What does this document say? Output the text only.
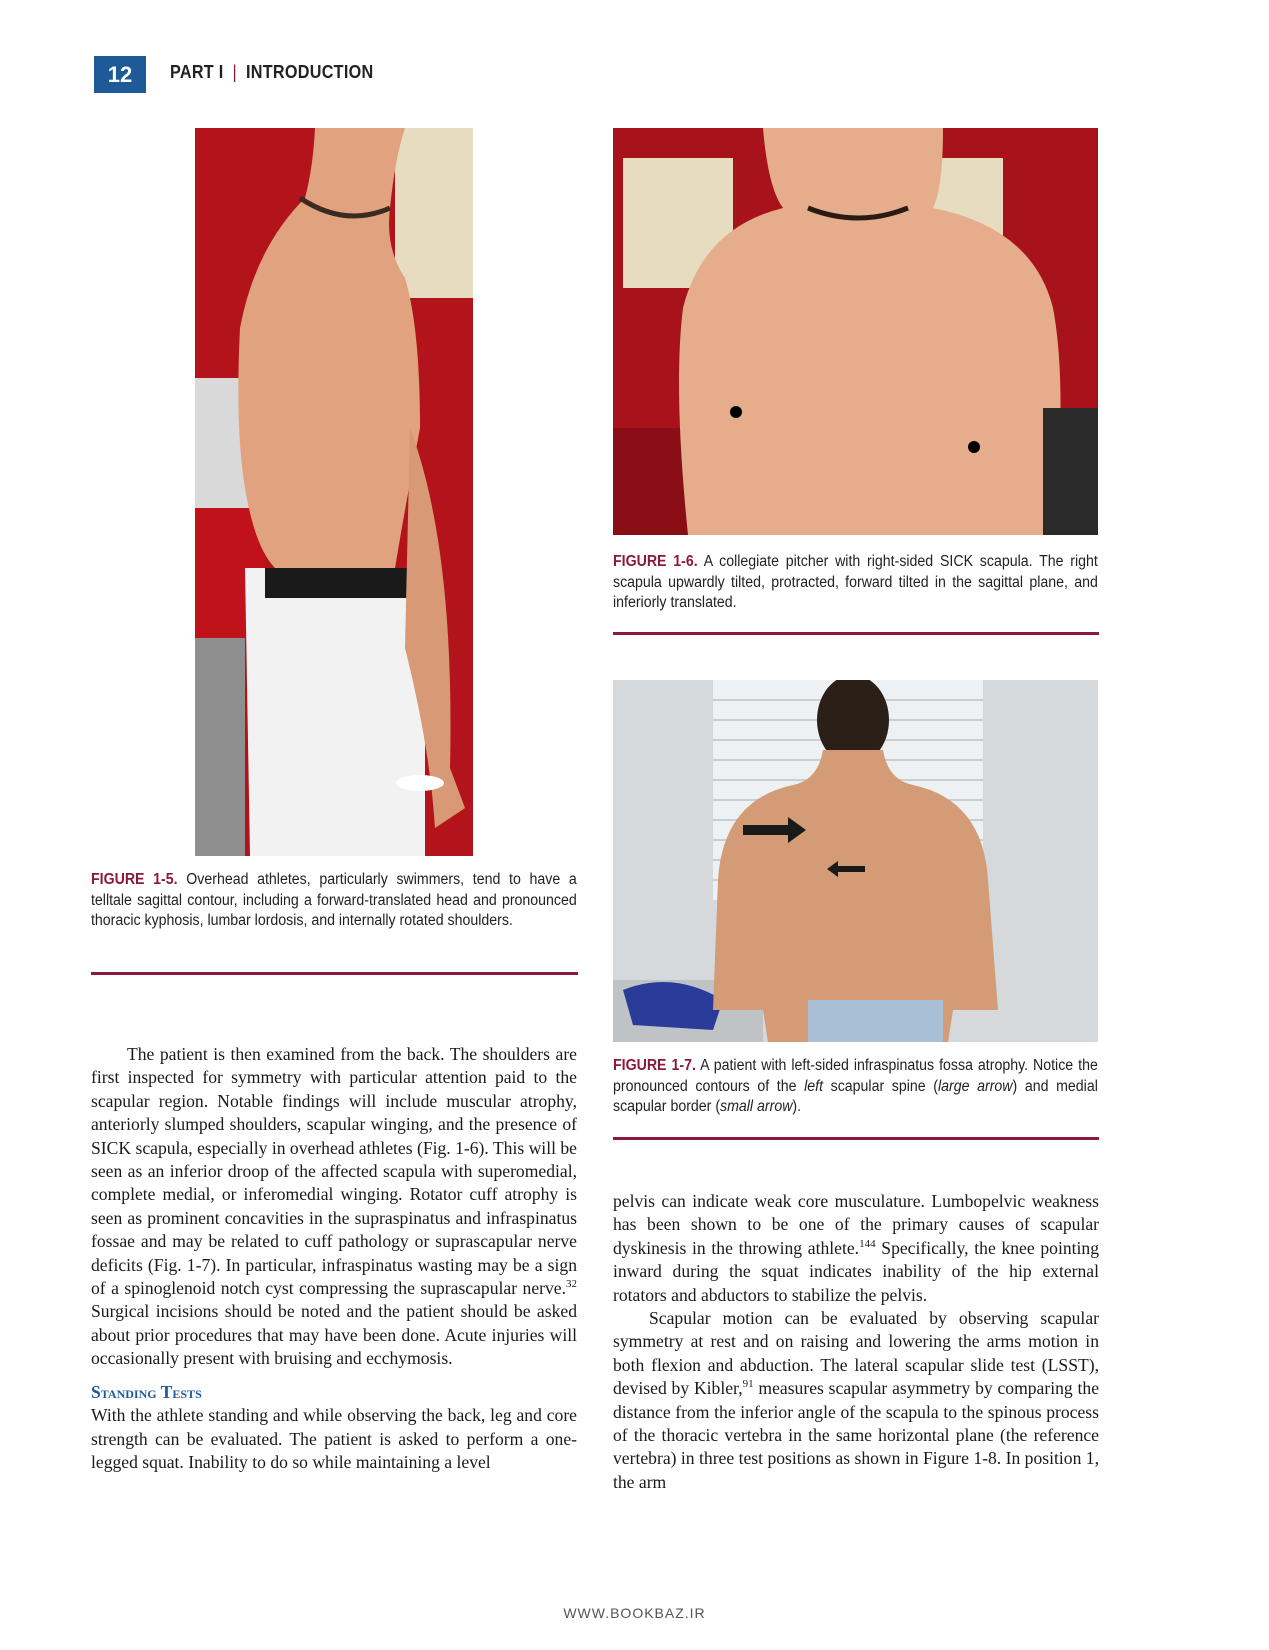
12	PART I | INTRODUCTION
FIGURE 1-5. Overhead athletes, particularly swimmers, tend to have a telltale sagittal contour, including a forward-translated head and pronounced thoracic kyphosis, lumbar lordosis, and internally rotated shoulders.
FIGURE 1-6. A collegiate pitcher with right-sided SICK scapula. The right scapula upwardly tilted, protracted, forward tilted in the sagittal plane, and inferiorly translated.
FIGURE 1-7. A patient with left-sided infraspinatus fossa atrophy. Notice the pronounced contours of the left scapular spine (large arrow) and medial scapular border (small arrow).

The patient is then examined from the back. The shoulders are first inspected for symmetry with particular attention paid to the scapular region. Notable findings will include muscular atrophy, anteriorly slumped shoulders, scapular winging, and the presence of SICK scapula, especially in overhead athletes (Fig. 1-6). This will be seen as an inferior droop of the affected scapula with superomedial, complete medial, or inferomedial winging. Rotator cuff atrophy is seen as prominent concavities in the supraspinatus and infraspinatus fossae and may be related to cuff pathology or suprascapular nerve deficits (Fig. 1-7). In particular, infraspinatus wasting may be a sign of a spinoglenoid notch cyst compressing the suprascapular nerve.$^{32}$ Surgical incisions should be noted and the patient should be asked about prior procedures that may have been done. Acute injuries will occasionally present with bruising and ecchymosis.

Standing Tests

With the athlete standing and while observing the back, leg and core strength can be evaluated. The patient is asked to perform a one-legged squat. Inability to do so while maintaining a level

pelvis can indicate weak core musculature. Lumbopelvic weakness has been shown to be one of the primary causes of scapular dyskinesis in the throwing athlete.$^{144}$ Specifically, the knee pointing inward during the squat indicates inability of the hip external rotators and abductors to stabilize the pelvis.

Scapular motion can be evaluated by observing scapular symmetry at rest and on raising and lowering the arms motion in both flexion and abduction. The lateral scapular slide test (LSST), devised by Kibler,$^{91}$ measures scapular asymmetry by comparing the distance from the inferior angle of the scapula to the spinous process of the thoracic vertebra in the same horizontal plane (the reference vertebra) in three test positions as shown in Figure 1-8. In position 1, the arm

WWW.BOOKBAZ.IR
